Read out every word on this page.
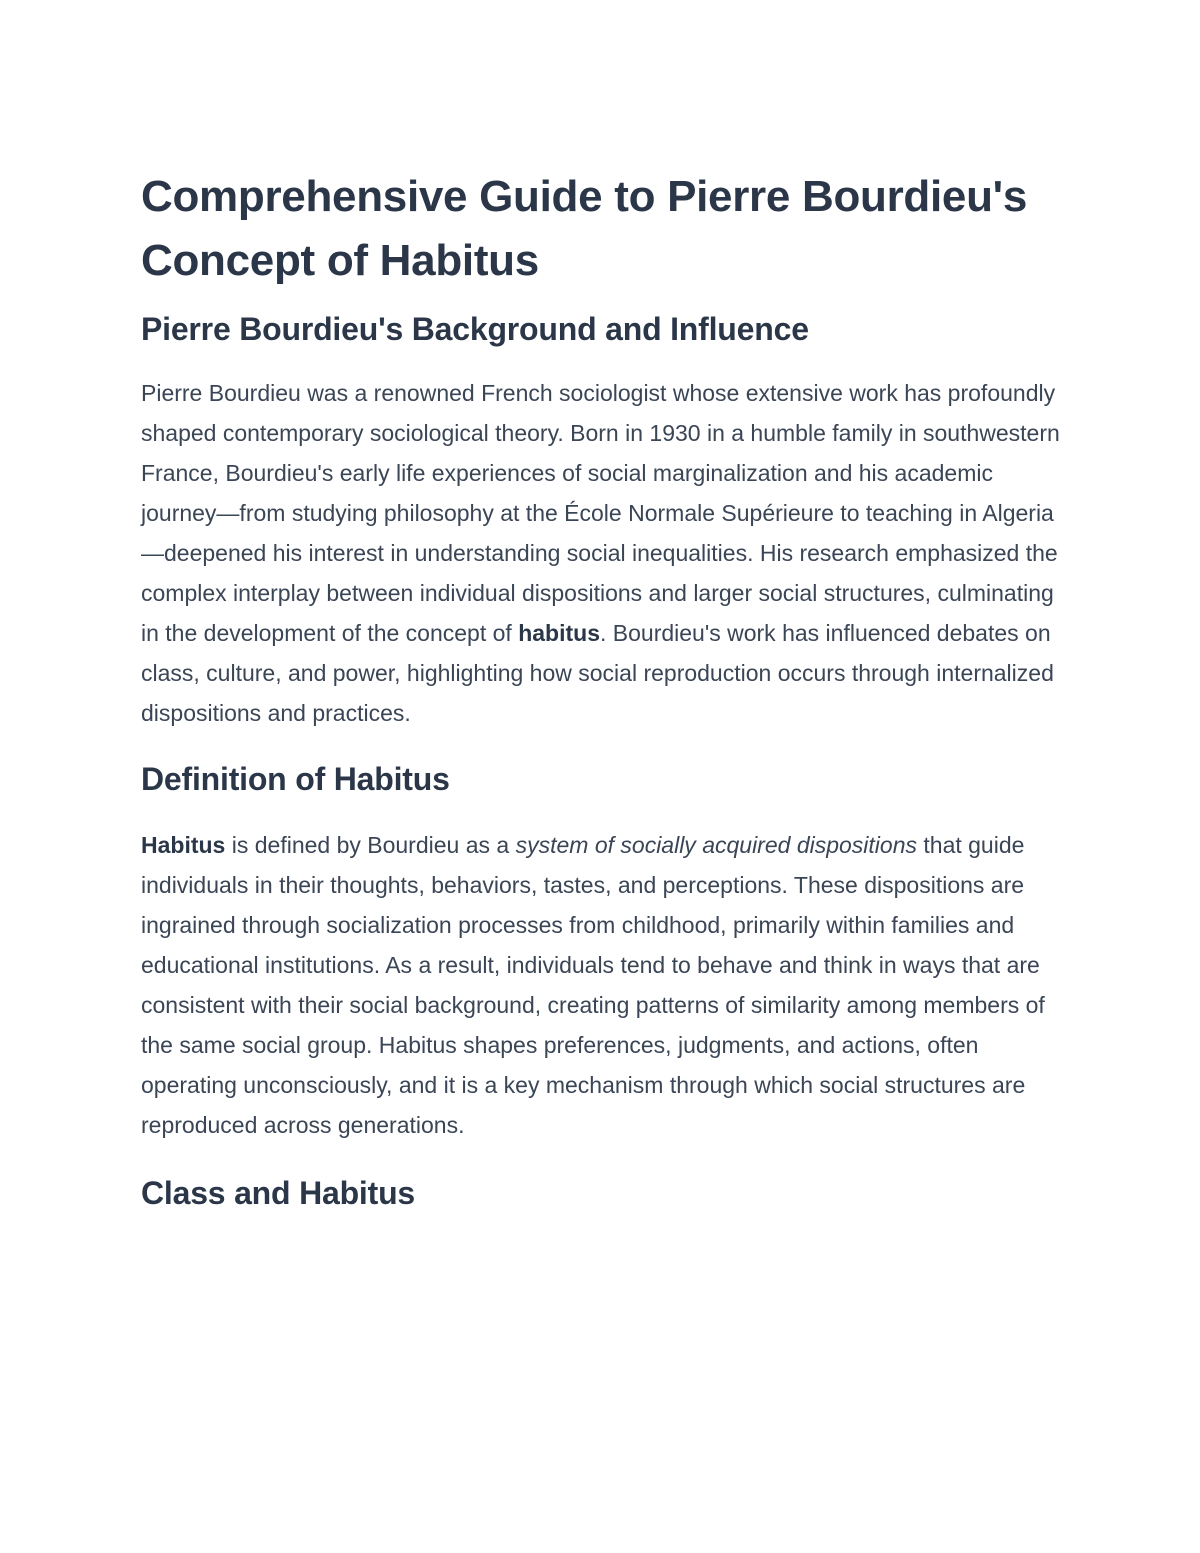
Comprehensive Guide to Pierre Bourdieu's Concept of Habitus
Pierre Bourdieu's Background and Influence

Pierre Bourdieu was a renowned French sociologist whose extensive work has profoundly shaped contemporary sociological theory. Born in 1930 in a humble family in southwestern France, Bourdieu's early life experiences of social marginalization and his academic journey—from studying philosophy at the École Normale Supérieure to teaching in Algeria—deepened his interest in understanding social inequalities. His research emphasized the complex interplay between individual dispositions and larger social structures, culminating in the development of the concept of habitus. Bourdieu's work has influenced debates on class, culture, and power, highlighting how social reproduction occurs through internalized dispositions and practices.

Definition of Habitus

Habitus is defined by Bourdieu as a system of socially acquired dispositions that guide individuals in their thoughts, behaviors, tastes, and perceptions. These dispositions are ingrained through socialization processes from childhood, primarily within families and educational institutions. As a result, individuals tend to behave and think in ways that are consistent with their social background, creating patterns of similarity among members of the same social group. Habitus shapes preferences, judgments, and actions, often operating unconsciously, and it is a key mechanism through which social structures are reproduced across generations.

Class and Habitus
